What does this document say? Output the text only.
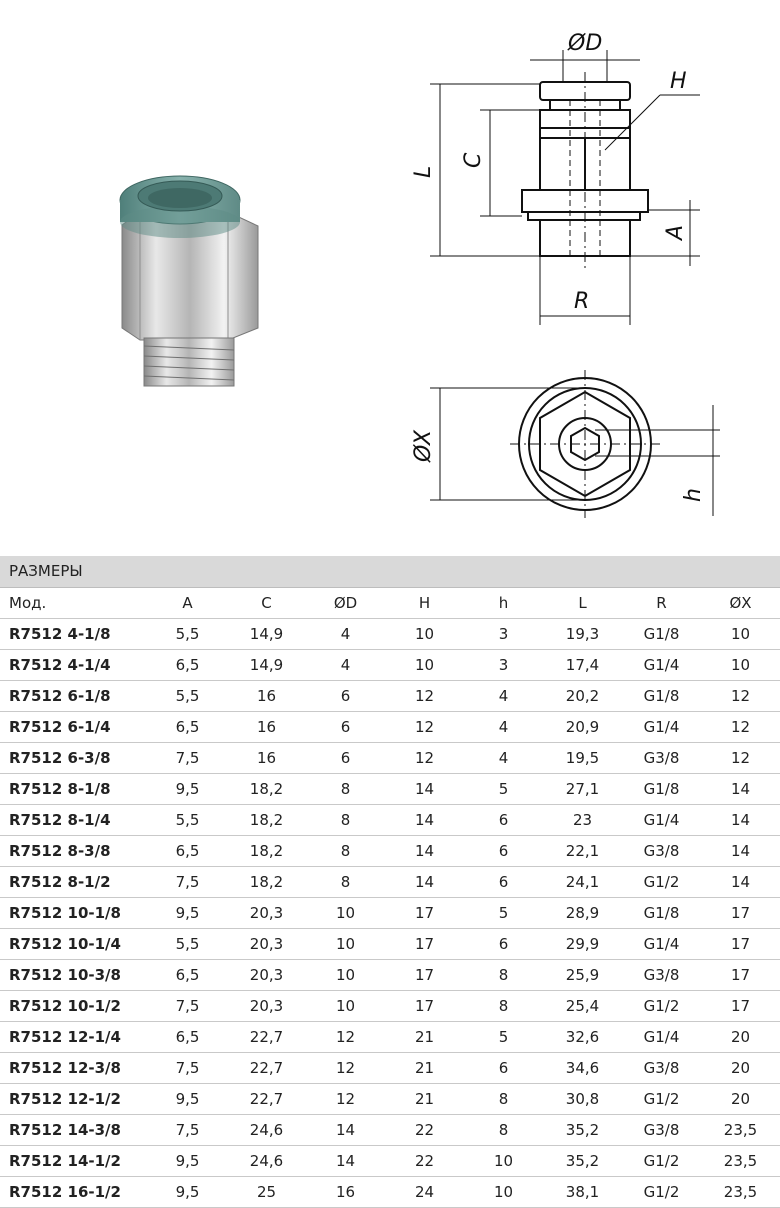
ØD
H
L
C
A
R
ØX
h
РАЗМЕРЫ
Мод.	A	C	ØD	H	h	L	R	ØX
R7512 4-1/8	5,5	14,9	4	10	3	19,3	G1/8	10
R7512 4-1/4	6,5	14,9	4	10	3	17,4	G1/4	10
R7512 6-1/8	5,5	16	6	12	4	20,2	G1/8	12
R7512 6-1/4	6,5	16	6	12	4	20,9	G1/4	12
R7512 6-3/8	7,5	16	6	12	4	19,5	G3/8	12
R7512 8-1/8	9,5	18,2	8	14	5	27,1	G1/8	14
R7512 8-1/4	5,5	18,2	8	14	6	23	G1/4	14
R7512 8-3/8	6,5	18,2	8	14	6	22,1	G3/8	14
R7512 8-1/2	7,5	18,2	8	14	6	24,1	G1/2	14
R7512 10-1/8	9,5	20,3	10	17	5	28,9	G1/8	17
R7512 10-1/4	5,5	20,3	10	17	6	29,9	G1/4	17
R7512 10-3/8	6,5	20,3	10	17	8	25,9	G3/8	17
R7512 10-1/2	7,5	20,3	10	17	8	25,4	G1/2	17
R7512 12-1/4	6,5	22,7	12	21	5	32,6	G1/4	20
R7512 12-3/8	7,5	22,7	12	21	6	34,6	G3/8	20
R7512 12-1/2	9,5	22,7	12	21	8	30,8	G1/2	20
R7512 14-3/8	7,5	24,6	14	22	8	35,2	G3/8	23,5
R7512 14-1/2	9,5	24,6	14	22	10	35,2	G1/2	23,5
R7512 16-1/2	9,5	25	16	24	10	38,1	G1/2	23,5
